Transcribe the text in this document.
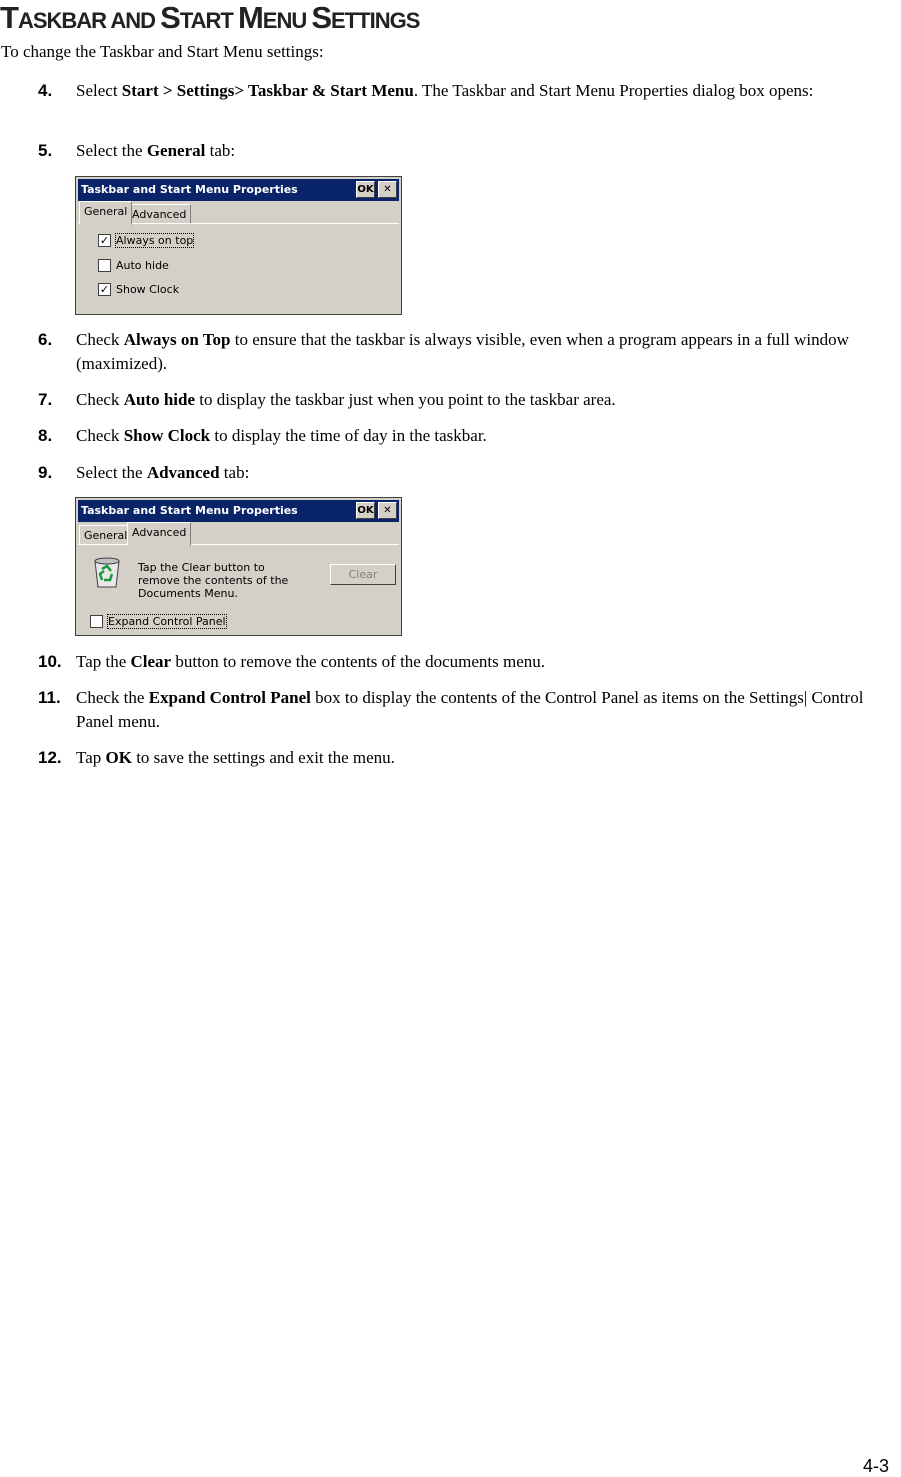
TASKBAR AND START MENU SETTINGS
To change the Taskbar and Start Menu settings:
4. Select Start > Settings> Taskbar & Start Menu. The Taskbar and Start Menu Properties dialog box opens:
5. Select the General tab:
Taskbar and Start Menu Properties	OK ✕
General Advanced
✓ Always on top
Auto hide
✓ Show Clock
6. Check Always on Top to ensure that the taskbar is always visible, even when a program appears in a full window (maximized).
7. Check Auto hide to display the taskbar just when you point to the taskbar area.
8. Check Show Clock to display the time of day in the taskbar.
9. Select the Advanced tab:
Taskbar and Start Menu Properties	OK ✕
General Advanced
Tap the Clear button to remove the contents of the Documents Menu.
Clear
Expand Control Panel
10. Tap the Clear button to remove the contents of the documents menu.
11. Check the Expand Control Panel box to display the contents of the Control Panel as items on the Settings| Control Panel menu.
12. Tap OK to save the settings and exit the menu.
4-3
